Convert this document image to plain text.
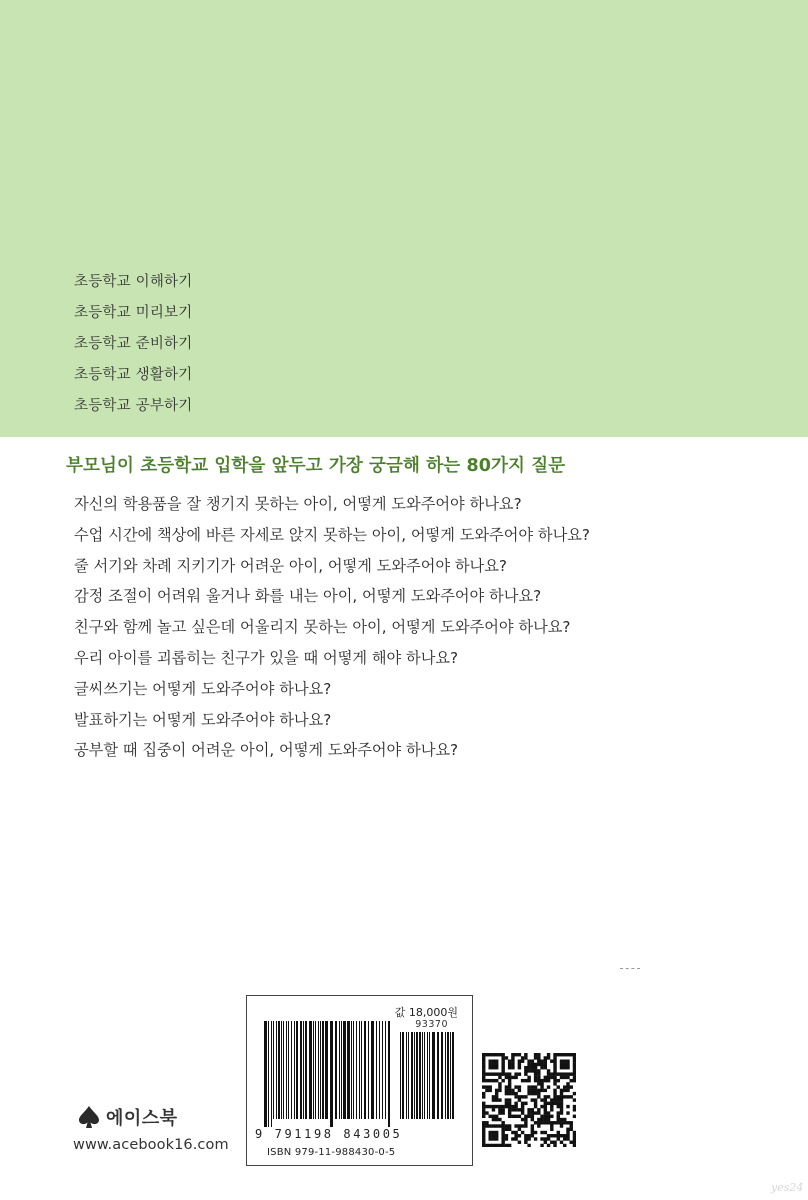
초등학교 이해하기
초등학교 미리보기
초등학교 준비하기
초등학교 생활하기
초등학교 공부하기
부모님이 초등학교 입학을 앞두고 가장 궁금해 하는 80가지 질문
자신의 학용품을 잘 챙기지 못하는 아이, 어떻게 도와주어야 하나요?
수업 시간에 책상에 바른 자세로 앉지 못하는 아이, 어떻게 도와주어야 하나요?
줄 서기와 차례 지키기가 어려운 아이, 어떻게 도와주어야 하나요?
감정 조절이 어려워 울거나 화를 내는 아이, 어떻게 도와주어야 하나요?
친구와 함께 놀고 싶은데 어울리지 못하는 아이, 어떻게 도와주어야 하나요?
우리 아이를 괴롭히는 친구가 있을 때 어떻게 해야 하나요?
글씨쓰기는 어떻게 도와주어야 하나요?
발표하기는 어떻게 도와주어야 하나요?
공부할 때 집중이 어려운 아이, 어떻게 도와주어야 하나요?
값 18,000원
93370
9 791198 843005
ISBN 979-11-988430-0-5
에이스북
www.acebook16.com
yes24
